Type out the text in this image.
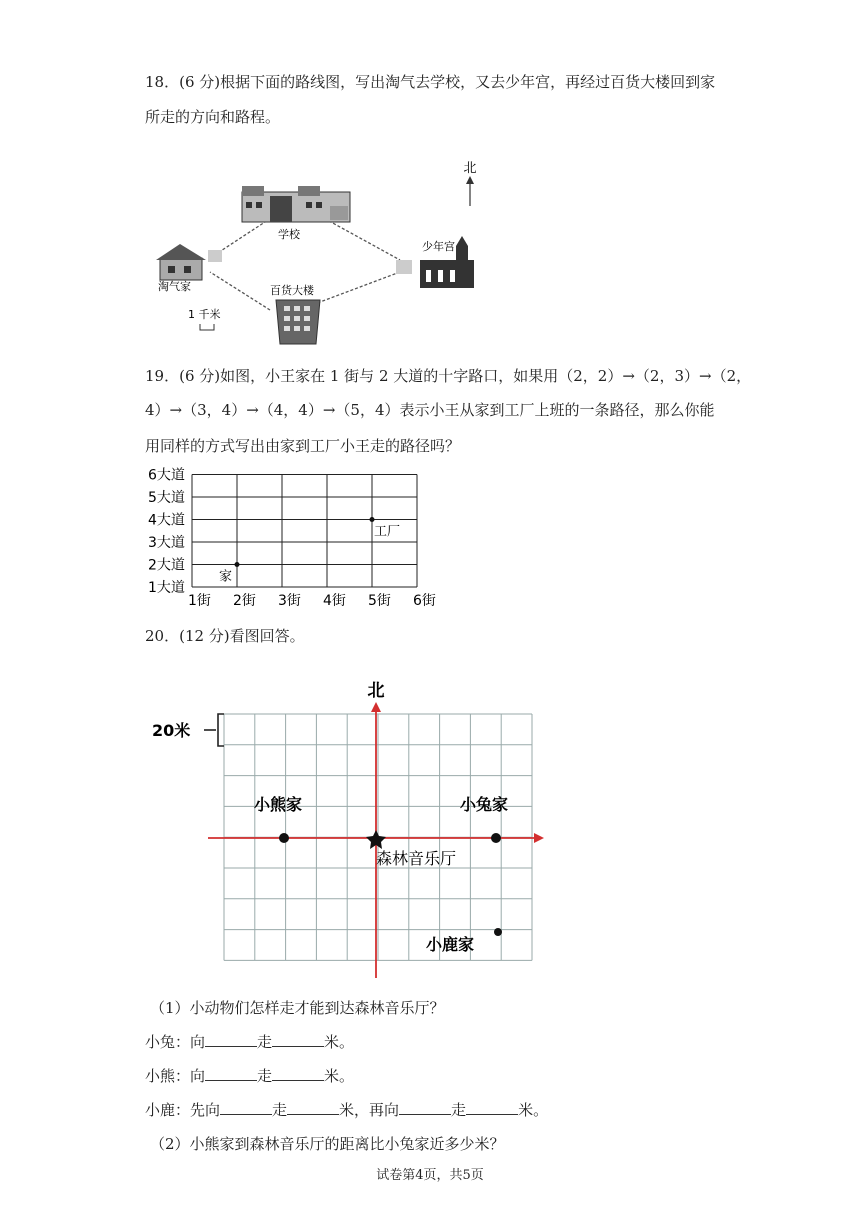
18．(6 分)根据下面的路线图，写出淘气去学校，又去少年宫，再经过百货大楼回到家
所走的方向和路程。
北
学校
少年宫
淘气家	百货大楼
1 千米
19．(6 分)如图，小王家在 1 街与 2 大道的十字路口，如果用（2，2）→（2，3）→（2，
4）→（3，4）→（4，4）→（5，4）表示小王从家到工厂上班的一条路径，那么你能
用同样的方式写出由家到工厂小王走的路径吗？
1大道
2大道
3大道
4大道
5大道
6大道
1街 2街 3街 4街 5街 6街
家
工厂
20．(12 分)看图回答。
北
20米
小熊家	小兔家
小鹿家
森林音乐厅
（1）小动物们怎样走才能到达森林音乐厅？
小兔：向	走	米。
小熊：向	走	米。
小鹿：先向	走	米，再向	走	米。
（2）小熊家到森林音乐厅的距离比小兔家近多少米？
试卷第4页，共5页
